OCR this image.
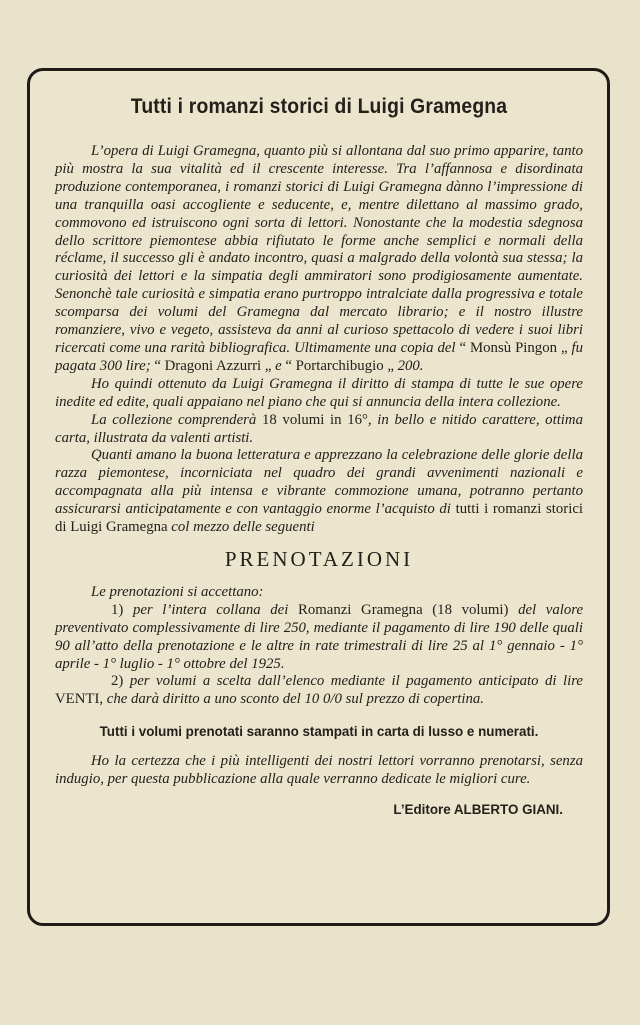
Tutti i romanzi storici di Luigi Gramegna

L’opera di Luigi Gramegna, quanto più si allontana dal suo primo apparire, tanto più mostra la sua vitalità ed il crescente interesse. Tra l’affannosa e disordinata produzione contemporanea, i romanzi storici di Luigi Gramegna dànno l’impressione di una tranquilla oasi accogliente e seducente, e, mentre dilettano al massimo grado, commovono ed istruiscono ogni sorta di lettori. Nonostante che la modestia sdegnosa dello scrittore piemontese abbia rifiutato le forme anche semplici e normali della réclame, il successo gli è andato incontro, quasi a malgrado della volontà sua stessa; la curiosità dei lettori e la simpatia degli ammiratori sono prodigiosamente aumentate. Senonchè tale curiosità e simpatia erano purtroppo intralciate dalla progressiva e totale scomparsa dei volumi del Gramegna dal mercato librario; e il nostro illustre romanziere, vivo e vegeto, assisteva da anni al curioso spettacolo di vedere i suoi libri ricercati come una rarità bibliografica. Ultimamente una copia del “ Monsù Pingon „ fu pagata 300 lire; “ Dragoni Azzurri „ e “ Portarchibugio „ 200.

Ho quindi ottenuto da Luigi Gramegna il diritto di stampa di tutte le sue opere inedite ed edite, quali appaiano nel piano che qui si annuncia della intera collezione.

La collezione comprenderà 18 volumi in 16°, in bello e nitido carattere, ottima carta, illustrata da valenti artisti.

Quanti amano la buona letteratura e apprezzano la celebrazione delle glorie della razza piemontese, incorniciata nel quadro dei grandi avvenimenti nazionali e accompagnata alla più intensa e vibrante commozione umana, potranno pertanto assicurarsi anticipatamente e con vantaggio enorme l’acquisto di tutti i romanzi storici di Luigi Gramegna col mezzo delle seguenti

PRENOTAZIONI

Le prenotazioni si accettano:

1) per l’intera collana dei Romanzi Gramegna (18 volumi) del valore preventivato complessivamente di lire 250, mediante il pagamento di lire 190 delle quali 90 all’atto della prenotazione e le altre in rate trimestrali di lire 25 al 1° gennaio - 1° aprile - 1° luglio - 1° ottobre del 1925.

2) per volumi a scelta dall’elenco mediante il pagamento anticipato di lire VENTI, che darà diritto a uno sconto del 10 0/0 sul prezzo di copertina.

Tutti i volumi prenotati saranno stampati in carta di lusso e numerati.

Ho la certezza che i più intelligenti dei nostri lettori vorranno prenotarsi, senza indugio, per questa pubblicazione alla quale verranno dedicate le migliori cure.

L’Editore ALBERTO GIANI.
